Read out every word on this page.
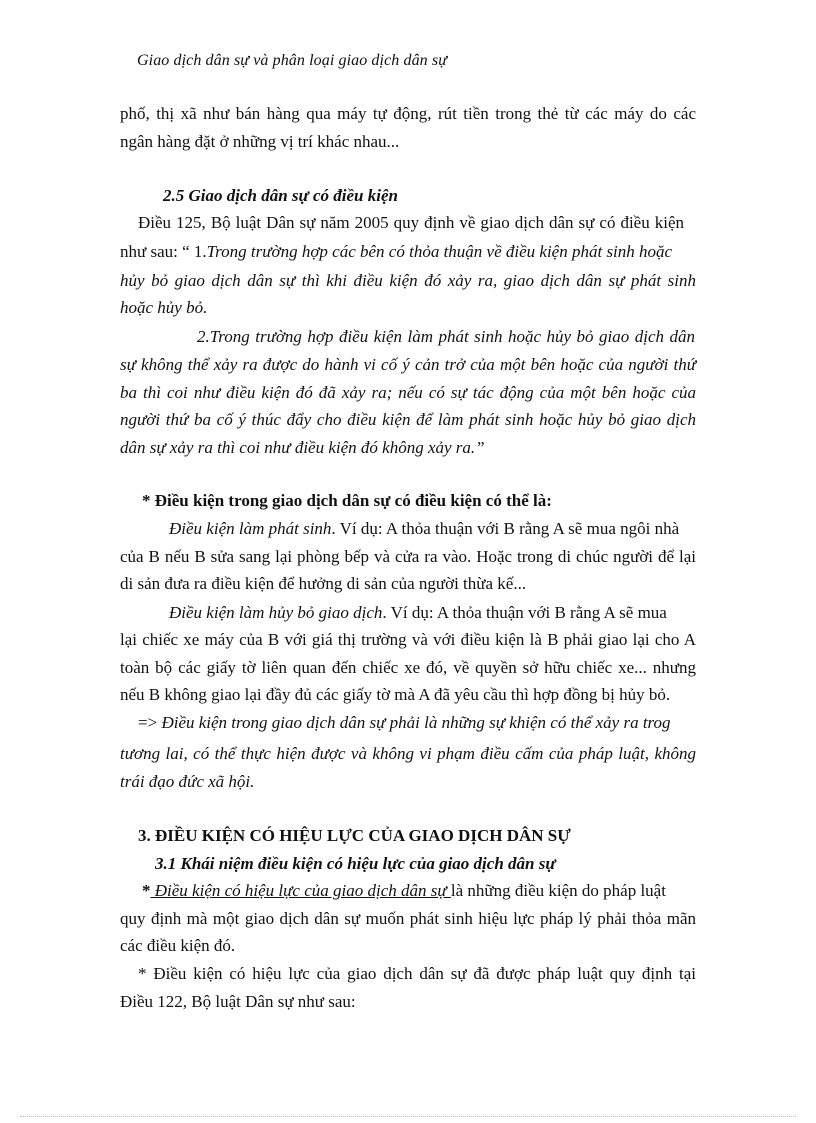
Giao dịch dân sự và phân loại giao dịch dân sự
phố, thị xã như bán hàng qua máy tự động, rút tiền trong thẻ từ các máy do các
ngân hàng đặt ở những vị trí khác nhau...
2.5 Giao dịch dân sự có điều kiện
Điều 125, Bộ luật Dân sự năm 2005 quy định về giao dịch dân sự có điều kiện
như sau: “ 1.Trong trường hợp các bên có thỏa thuận về điều kiện phát sinh hoặc
hủy bỏ giao dịch dân sự thì khi điều kiện đó xảy ra, giao dịch dân sự phát sinh
hoặc hủy bỏ.
2.Trong trường hợp điều kiện làm phát sinh hoặc hủy bỏ giao dịch dân
sự không thể xảy ra được do hành vi cố ý cản trở của một bên hoặc của người thứ
ba thì coi như điều kiện đó đã xảy ra; nếu có sự tác động của một bên hoặc của
người thứ ba cố ý thúc đẩy cho điều kiện để làm phát sinh hoặc hủy bỏ giao dịch
dân sự xảy ra thì coi như điều kiện đó không xảy ra.”
* Điều kiện trong giao dịch dân sự có điều kiện có thể là:
Điều kiện làm phát sinh. Ví dụ: A thỏa thuận với B rằng A sẽ mua ngôi nhà
của B nếu B sửa sang lại phòng bếp và cửa ra vào. Hoặc trong di chúc người để lại
di sản đưa ra điều kiện để hưởng di sản của người thừa kế...
Điều kiện làm hủy bỏ giao dịch. Ví dụ: A thỏa thuận với B rằng A sẽ mua
lại chiếc xe máy của B với giá thị trường và với điều kiện là B phải giao lại cho A
toàn bộ các giấy tờ liên quan đến chiếc xe đó, về quyền sở hữu chiếc xe... nhưng
nếu B không giao lại đầy đủ các giấy tờ mà A đã yêu cầu thì hợp đồng bị hủy bỏ.
=> Điều kiện trong giao dịch dân sự phải là những sự khiện có thể xảy ra trog
tương lai, có thể thực hiện được và không vi phạm điều cấm của pháp luật, không
trái đạo đức xã hội.
3. ĐIỀU KIỆN CÓ HIỆU LỰC CỦA GIAO DỊCH DÂN SỰ
3.1 Khái niệm điều kiện có hiệu lực của giao dịch dân sự
* Điều kiện có hiệu lực của giao dịch dân sự là những điều kiện do pháp luật
quy định mà một giao dịch dân sự muốn phát sinh hiệu lực pháp lý phải thỏa mãn
các điều kiện đó.
* Điều kiện có hiệu lực của giao dịch dân sự đã được pháp luật quy định tại
Điều 122, Bộ luật Dân sự như sau:
